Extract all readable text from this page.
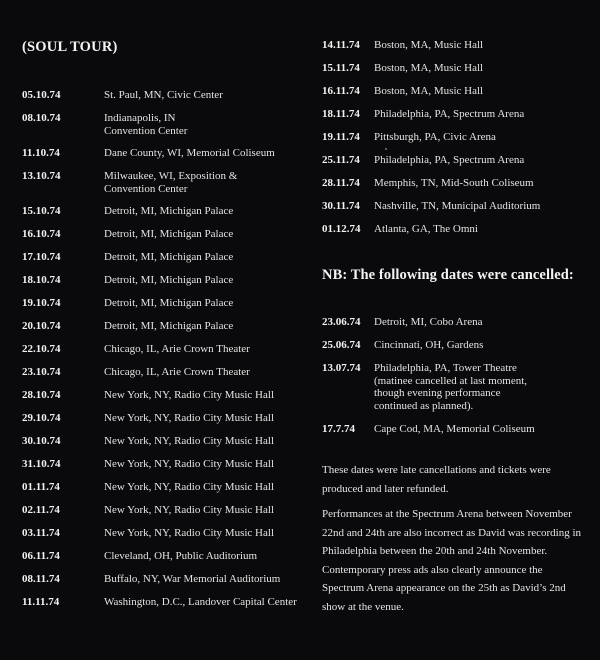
(SOUL TOUR)
05.10.74	St. Paul, MN, Civic Center
08.10.74	Indianapolis, IN
Convention Center
11.10.74	Dane County, WI, Memorial Coliseum
13.10.74	Milwaukee, WI, Exposition &
Convention Center
15.10.74	Detroit, MI, Michigan Palace
16.10.74	Detroit, MI, Michigan Palace
17.10.74	Detroit, MI, Michigan Palace
18.10.74	Detroit, MI, Michigan Palace
19.10.74	Detroit, MI, Michigan Palace
20.10.74	Detroit, MI, Michigan Palace
22.10.74	Chicago, IL, Arie Crown Theater
23.10.74	Chicago, IL, Arie Crown Theater
28.10.74	New York, NY, Radio City Music Hall
29.10.74	New York, NY, Radio City Music Hall
30.10.74	New York, NY, Radio City Music Hall
31.10.74	New York, NY, Radio City Music Hall
01.11.74	New York, NY, Radio City Music Hall
02.11.74	New York, NY, Radio City Music Hall
03.11.74	New York, NY, Radio City Music Hall
06.11.74	Cleveland, OH, Public Auditorium
08.11.74	Buffalo, NY, War Memorial Auditorium
11.11.74	Washington, D.C., Landover Capital Center
14.11.74 Boston, MA, Music Hall
15.11.74 Boston, MA, Music Hall
16.11.74 Boston, MA, Music Hall
18.11.74 Philadelphia, PA, Spectrum Arena
19.11.74 Pittsburgh, PA, Civic Arena
25.11.74 Philadelphia, PA, Spectrum Arena
28.11.74 Memphis, TN, Mid-South Coliseum
30.11.74 Nashville, TN, Municipal Auditorium
01.12.74 Atlanta, GA, The Omni
NB: The following dates were cancelled:
23.06.74 Detroit, MI, Cobo Arena
25.06.74 Cincinnati, OH, Gardens
13.07.74 Philadelphia, PA, Tower Theatre
(matinee cancelled at last moment,
though evening performance
continued as planned).
17.7.74 Cape Cod, MA, Memorial Coliseum
These dates were late cancellations and tickets were produced and later refunded.
Performances at the Spectrum Arena between November 22nd and 24th are also incorrect as David was recording in Philadelphia between the 20th and 24th November. Contemporary press ads also clearly announce the Spectrum Arena appearance on the 25th as David’s 2nd show at the venue.
